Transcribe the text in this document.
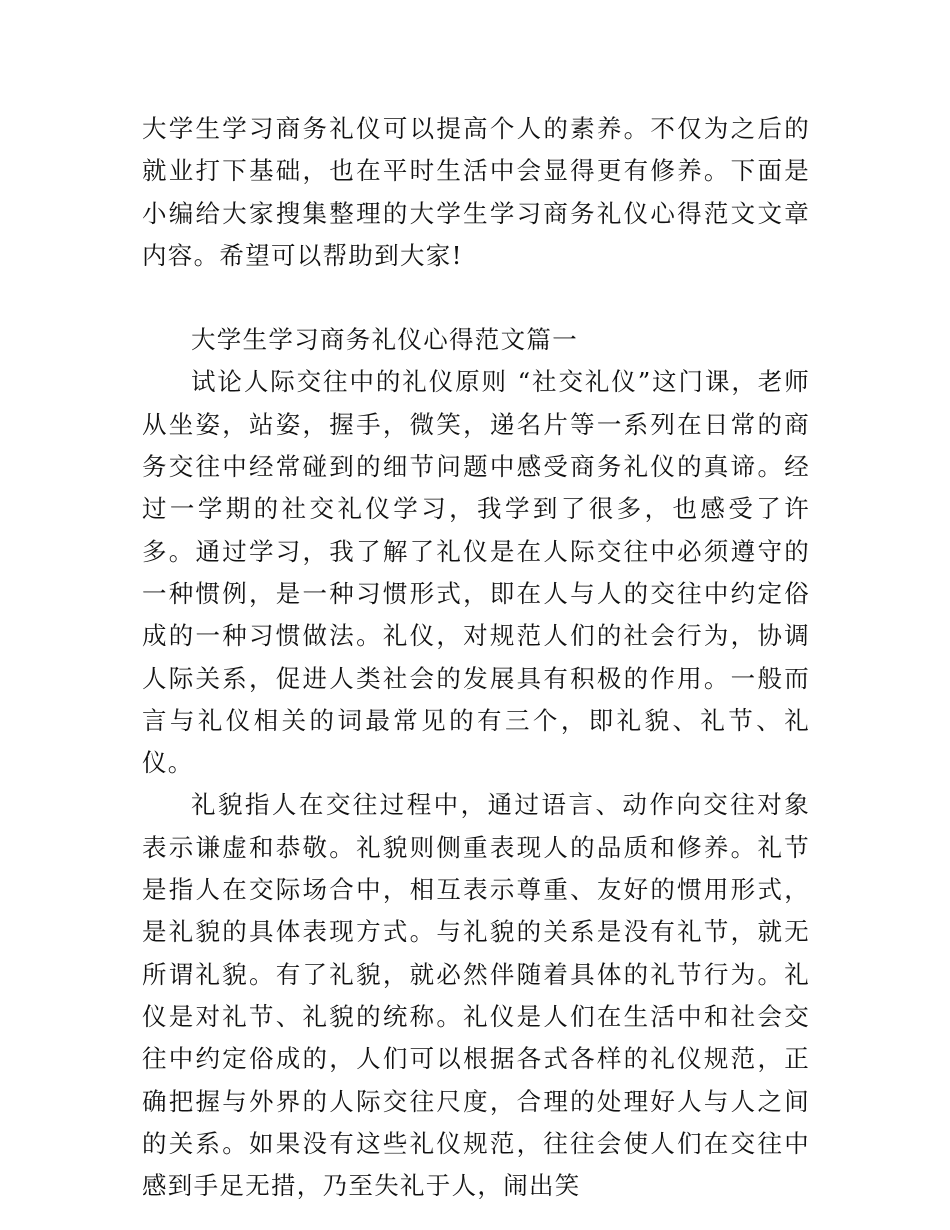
大学生学习商务礼仪可以提高个人的素养。不仅为之后的就业打下基础，也在平时生活中会显得更有修养。下面是小编给大家搜集整理的大学生学习商务礼仪心得范文文章内容。希望可以帮助到大家!

大学生学习商务礼仪心得范文篇一

试论人际交往中的礼仪原则 “社交礼仪”这门课，老师从坐姿，站姿，握手，微笑，递名片等一系列在日常的商务交往中经常碰到的细节问题中感受商务礼仪的真谛。经过一学期的社交礼仪学习，我学到了很多，也感受了许多。通过学习，我了解了礼仪是在人际交往中必须遵守的一种惯例，是一种习惯形式，即在人与人的交往中约定俗成的一种习惯做法。礼仪，对规范人们的社会行为，协调人际关系，促进人类社会的发展具有积极的作用。一般而言与礼仪相关的词最常见的有三个，即礼貌、礼节、礼仪。

礼貌指人在交往过程中，通过语言、动作向交往对象表示谦虚和恭敬。礼貌则侧重表现人的品质和修养。礼节是指人在交际场合中，相互表示尊重、友好的惯用形式，是礼貌的具体表现方式。与礼貌的关系是没有礼节，就无所谓礼貌。有了礼貌，就必然伴随着具体的礼节行为。礼仪是对礼节、礼貌的统称。礼仪是人们在生活中和社会交往中约定俗成的，人们可以根据各式各样的礼仪规范，正确把握与外界的人际交往尺度，合理的处理好人与人之间的关系。如果没有这些礼仪规范，往往会使人们在交往中感到手足无措，乃至失礼于人，闹出笑
